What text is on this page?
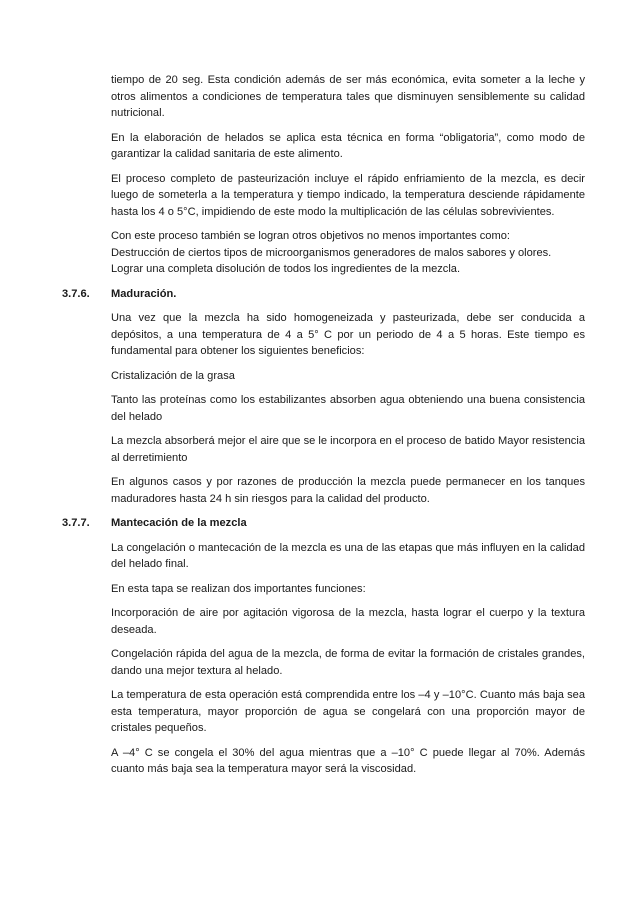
tiempo de 20 seg. Esta condición además de ser más económica, evita someter a la leche y otros alimentos a condiciones de temperatura tales que disminuyen sensiblemente su calidad nutricional.

En la elaboración de helados se aplica esta técnica en forma “obligatoria”, como modo de garantizar la calidad sanitaria de este alimento.

El proceso completo de pasteurización incluye el rápido enfriamiento de la mezcla, es decir luego de someterla a la temperatura y tiempo indicado, la temperatura desciende rápidamente hasta los 4 o 5°C, impidiendo de este modo la multiplicación de las células sobrevivientes.

Con este proceso también se logran otros objetivos no menos importantes como:

Destrucción de ciertos tipos de microorganismos generadores de malos sabores y olores.

Lograr una completa disolución de todos los ingredientes de la mezcla.

3.7.6.	Maduración.

Una vez que la mezcla ha sido homogeneizada y pasteurizada, debe ser conducida a depósitos, a una temperatura de 4 a 5° C por un periodo de 4 a 5 horas. Este tiempo es fundamental para obtener los siguientes beneficios:

Cristalización de la grasa

Tanto las proteínas como los estabilizantes absorben agua obteniendo una buena consistencia del helado

La mezcla absorberá mejor el aire que se le incorpora en el proceso de batido Mayor resistencia al derretimiento

En algunos casos y por razones de producción la mezcla puede permanecer en los tanques maduradores hasta 24 h sin riesgos para la calidad del producto.

3.7.7.	Mantecación de la mezcla

La congelación o mantecación de la mezcla es una de las etapas que más influyen en la calidad del helado final.

En esta tapa se realizan dos importantes funciones:

Incorporación de aire por agitación vigorosa de la mezcla, hasta lograr el cuerpo y la textura deseada.

Congelación rápida del agua de la mezcla, de forma de evitar la formación de cristales grandes, dando una mejor textura al helado.

La temperatura de esta operación está comprendida entre los –4 y –10°C. Cuanto más baja sea esta temperatura, mayor proporción de agua se congelará con una proporción mayor de cristales pequeños.

A –4° C se congela el 30% del agua mientras que a –10° C puede llegar al 70%. Además cuanto más baja sea la temperatura mayor será la viscosidad.
